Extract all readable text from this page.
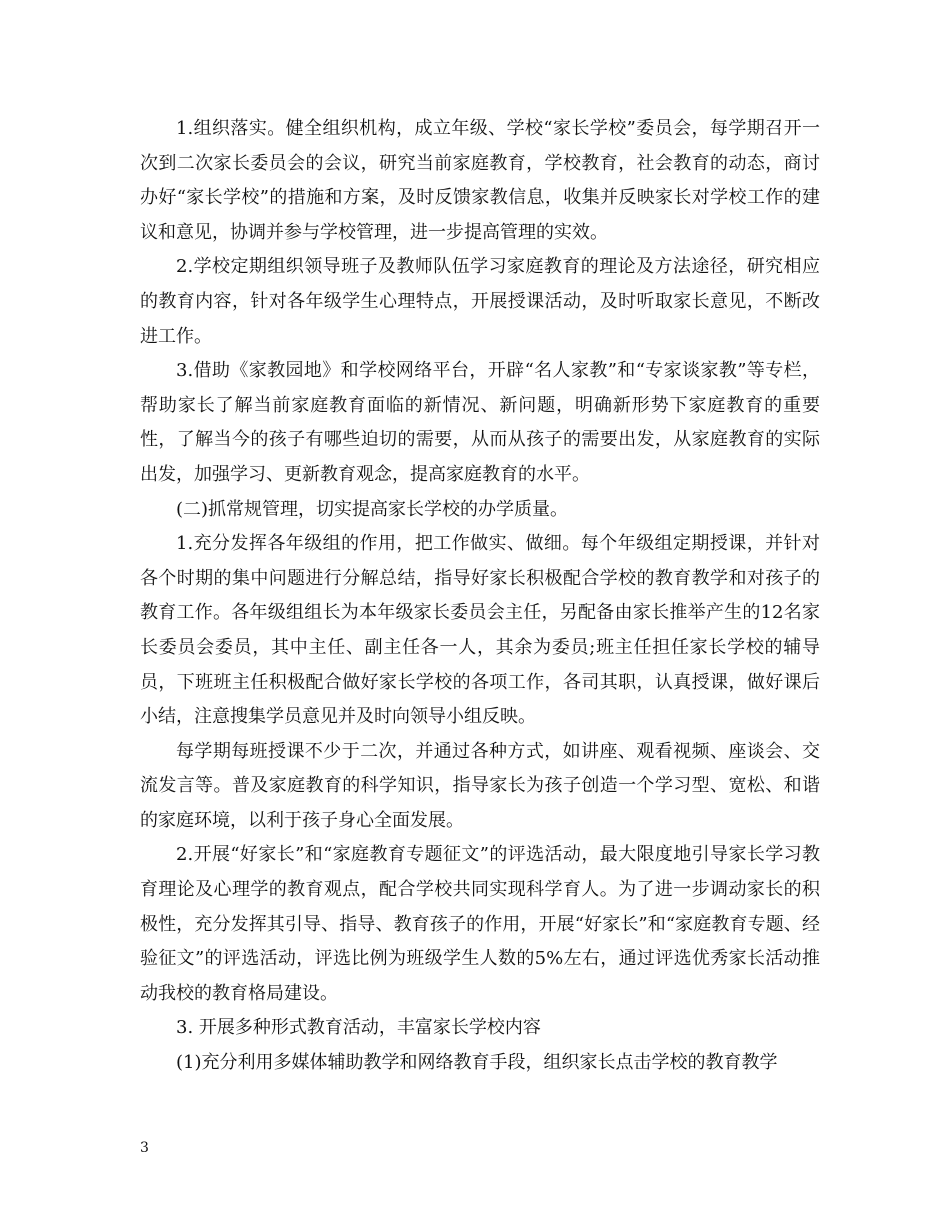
1.组织落实。健全组织机构，成立年级、学校“家长学校”委员会，每学期召开一次到二次家长委员会的会议，研究当前家庭教育，学校教育，社会教育的动态，商讨办好“家长学校”的措施和方案，及时反馈家教信息，收集并反映家长对学校工作的建议和意见，协调并参与学校管理，进一步提高管理的实效。

2.学校定期组织领导班子及教师队伍学习家庭教育的理论及方法途径，研究相应的教育内容，针对各年级学生心理特点，开展授课活动，及时听取家长意见，不断改进工作。

3.借助《家教园地》和学校网络平台，开辟“名人家教”和“专家谈家教”等专栏，帮助家长了解当前家庭教育面临的新情况、新问题，明确新形势下家庭教育的重要性，了解当今的孩子有哪些迫切的需要，从而从孩子的需要出发，从家庭教育的实际出发，加强学习、更新教育观念，提高家庭教育的水平。

(二)抓常规管理，切实提高家长学校的办学质量。

1.充分发挥各年级组的作用，把工作做实、做细。每个年级组定期授课，并针对各个时期的集中问题进行分解总结，指导好家长积极配合学校的教育教学和对孩子的教育工作。各年级组组长为本年级家长委员会主任，另配备由家长推举产生的12名家长委员会委员，其中主任、副主任各一人，其余为委员;班主任担任家长学校的辅导员，下班班主任积极配合做好家长学校的各项工作，各司其职，认真授课，做好课后小结，注意搜集学员意见并及时向领导小组反映。

每学期每班授课不少于二次，并通过各种方式，如讲座、观看视频、座谈会、交流发言等。普及家庭教育的科学知识，指导家长为孩子创造一个学习型、宽松、和谐的家庭环境，以利于孩子身心全面发展。

2.开展“好家长”和“家庭教育专题征文”的评选活动，最大限度地引导家长学习教育理论及心理学的教育观点，配合学校共同实现科学育人。为了进一步调动家长的积极性，充分发挥其引导、指导、教育孩子的作用，开展“好家长”和“家庭教育专题、经验征文”的评选活动，评选比例为班级学生人数的5%左右，通过评选优秀家长活动推动我校的教育格局建设。

3. 开展多种形式教育活动，丰富家长学校内容

(1)充分利用多媒体辅助教学和网络教育手段，组织家长点击学校的教育教学

3
